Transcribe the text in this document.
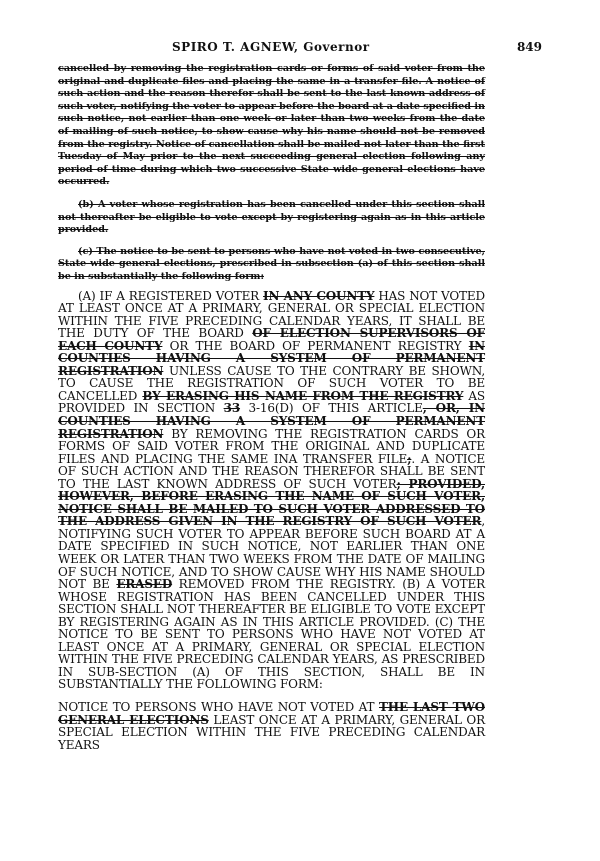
SPIRO T. AGNEW, Governor	849

cancelled by removing the registration cards or forms of said voter from the original and duplicate files and placing the same in a transfer file. A notice of such action and the reason therefor shall be sent to the last known address of such voter, notifying the voter to appear before the board at a date specified in such notice, not earlier than one week or later than two weeks from the date of mailing of such notice, to show cause why his name should not be removed from the registry. Notice of cancellation shall be mailed not later than the first Tuesday of May prior to the next succeeding general election following any period of time during which two successive State wide general elections have occurred.

(b) A voter whose registration has been cancelled under this section shall not thereafter be eligible to vote except by registering again as in this article provided.

(c) The notice to be sent to persons who have not voted in two consecutive, State wide general elections, prescribed in subsection (a) of this section shall be in substantially the following form:

(A) IF A REGISTERED VOTER IN ANY COUNTY HAS NOT VOTED AT LEAST ONCE AT A PRIMARY, GENERAL OR SPECIAL ELECTION WITHIN THE FIVE PRECEDING CALENDAR YEARS, IT SHALL BE THE DUTY OF THE BOARD OF ELECTION SUPERVISORS OF EACH COUNTY OR THE BOARD OF PERMANENT REGISTRY IN COUNTIES HAVING A SYSTEM OF PERMANENT REGISTRATION UNLESS CAUSE TO THE CONTRARY BE SHOWN, TO CAUSE THE REGISTRATION OF SUCH VOTER TO BE CANCELLED BY ERASING HIS NAME FROM THE REGISTRY AS PROVIDED IN SECTION 33 3-16(D) OF THIS ARTICLE, OR, IN COUNTIES HAVING A SYSTEM OF PERMANENT REGISTRATION BY REMOVING THE REGISTRATION CARDS OR FORMS OF SAID VOTER FROM THE ORIGINAL AND DUPLICATE FILES AND PLACING THE SAME INA TRANSFER FILE;. A NOTICE OF SUCH ACTION AND THE REASON THEREFOR SHALL BE SENT TO THE LAST KNOWN ADDRESS OF SUCH VOTER; PROVIDED, HOWEVER, BEFORE ERASING THE NAME OF SUCH VOTER, NOTICE SHALL BE MAILED TO SUCH VOTER ADDRESSED TO THE ADDRESS GIVEN IN THE REGISTRY OF SUCH VOTER, NOTIFYING SUCH VOTER TO APPEAR BEFORE SUCH BOARD AT A DATE SPECIFIED IN SUCH NOTICE, NOT EARLIER THAN ONE WEEK OR LATER THAN TWO WEEKS FROM THE DATE OF MAILING OF SUCH NOTICE, AND TO SHOW CAUSE WHY HIS NAME SHOULD NOT BE ERASED REMOVED FROM THE REGISTRY. (B) A VOTER WHOSE REGISTRATION HAS BEEN CANCELLED UNDER THIS SECTION SHALL NOT THEREAFTER BE ELIGIBLE TO VOTE EXCEPT BY REGISTERING AGAIN AS IN THIS ARTICLE PROVIDED. (C) THE NOTICE TO BE SENT TO PERSONS WHO HAVE NOT VOTED AT LEAST ONCE AT A PRIMARY, GENERAL OR SPECIAL ELECTION WITHIN THE FIVE PRECEDING CALENDAR YEARS, AS PRESCRIBED IN SUB-SECTION (A) OF THIS SECTION, SHALL BE IN SUBSTANTIALLY THE FOLLOWING FORM:

NOTICE TO PERSONS WHO HAVE NOT VOTED AT THE LAST TWO GENERAL ELECTIONS LEAST ONCE AT A PRIMARY, GENERAL OR SPECIAL ELECTION WITHIN THE FIVE PRECEDING CALENDAR YEARS
